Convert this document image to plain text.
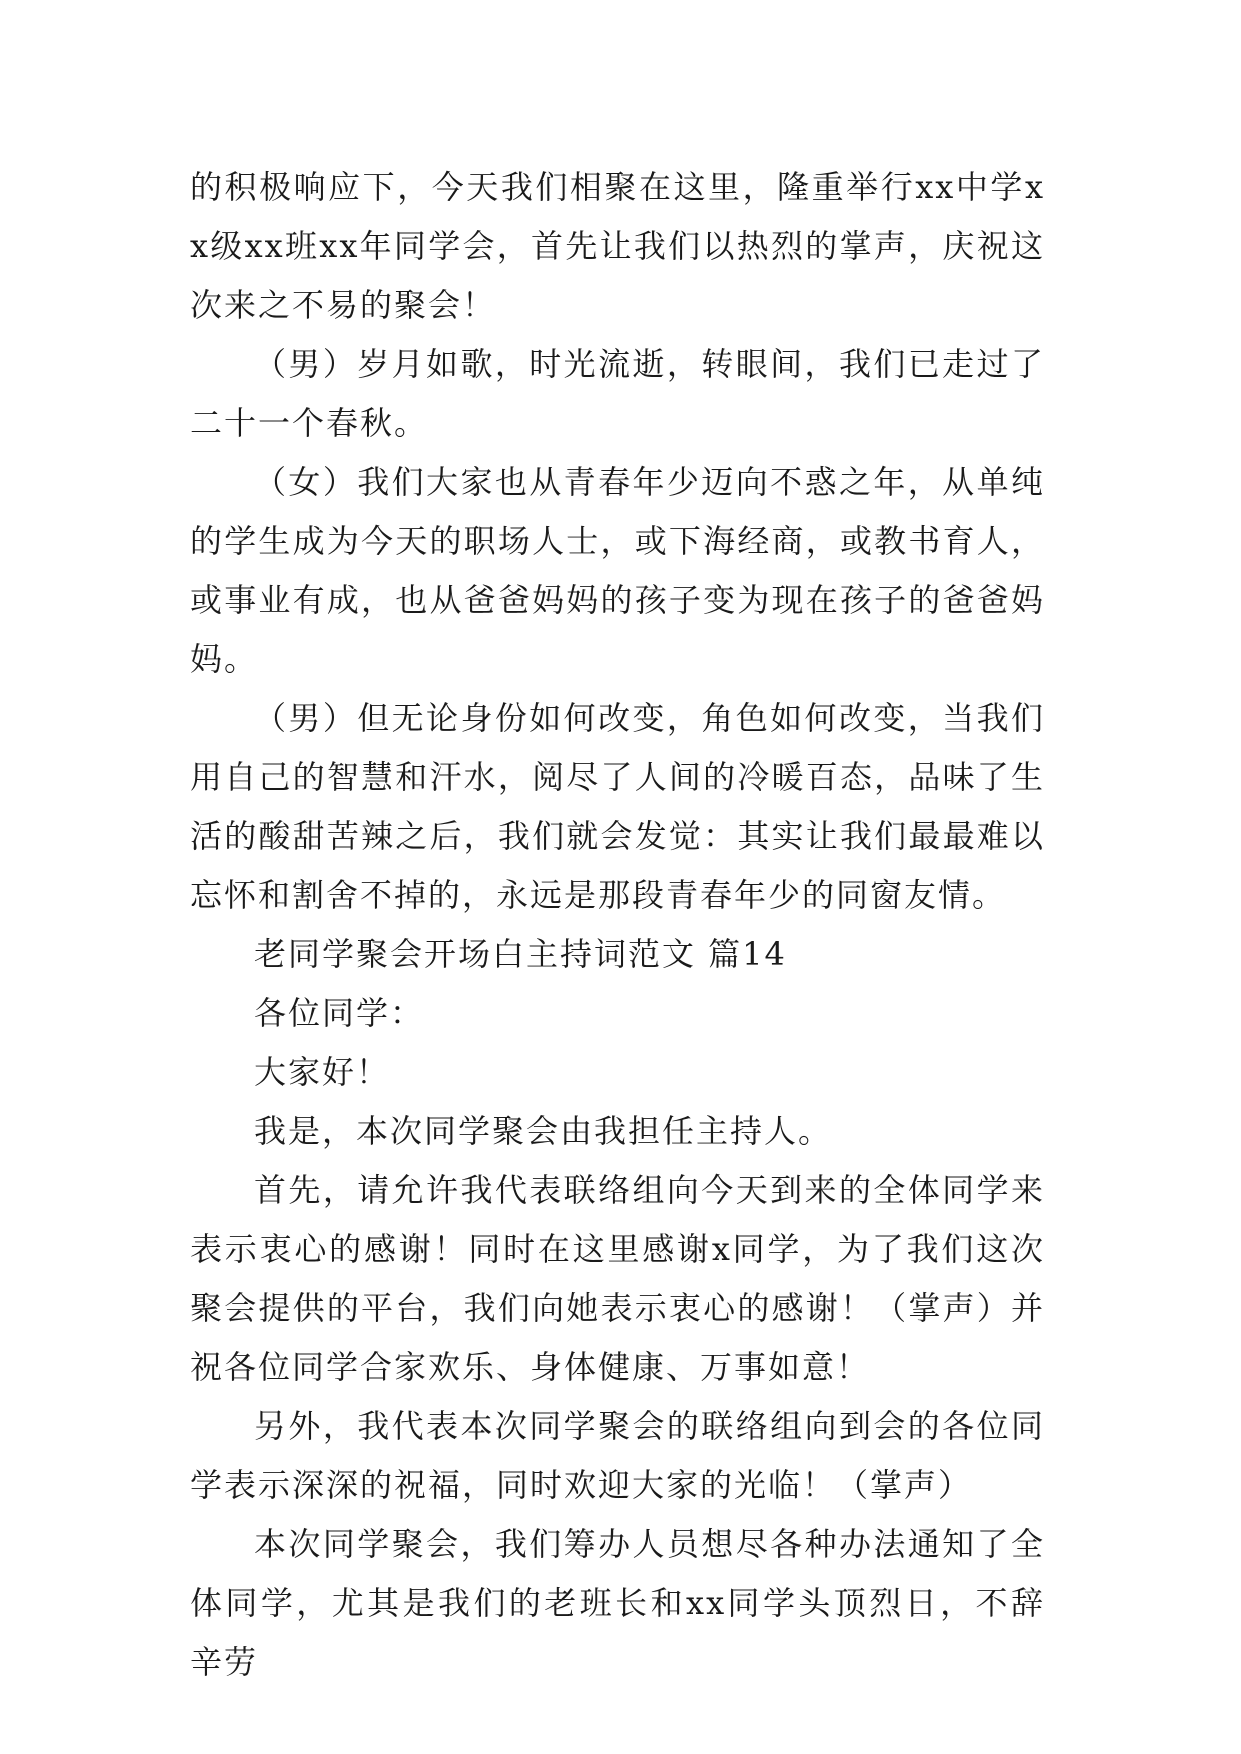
的积极响应下，今天我们相聚在这里，隆重举行xx中学xx级xx班xx年同学会，首先让我们以热烈的掌声，庆祝这次来之不易的聚会！

（男）岁月如歌，时光流逝，转眼间，我们已走过了二十一个春秋。

（女）我们大家也从青春年少迈向不惑之年，从单纯的学生成为今天的职场人士，或下海经商，或教书育人，或事业有成，也从爸爸妈妈的孩子变为现在孩子的爸爸妈妈。

（男）但无论身份如何改变，角色如何改变，当我们用自己的智慧和汗水，阅尽了人间的冷暖百态，品味了生活的酸甜苦辣之后，我们就会发觉：其实让我们最最难以忘怀和割舍不掉的，永远是那段青春年少的同窗友情。

老同学聚会开场白主持词范文 篇14

各位同学：

大家好！

我是，本次同学聚会由我担任主持人。

首先，请允许我代表联络组向今天到来的全体同学来表示衷心的感谢！同时在这里感谢x同学，为了我们这次聚会提供的平台，我们向她表示衷心的感谢！（掌声）并祝各位同学合家欢乐、身体健康、万事如意！

另外，我代表本次同学聚会的联络组向到会的各位同学表示深深的祝福，同时欢迎大家的光临！（掌声）

本次同学聚会，我们筹办人员想尽各种办法通知了全体同学，尤其是我们的老班长和xx同学头顶烈日，不辞辛劳
